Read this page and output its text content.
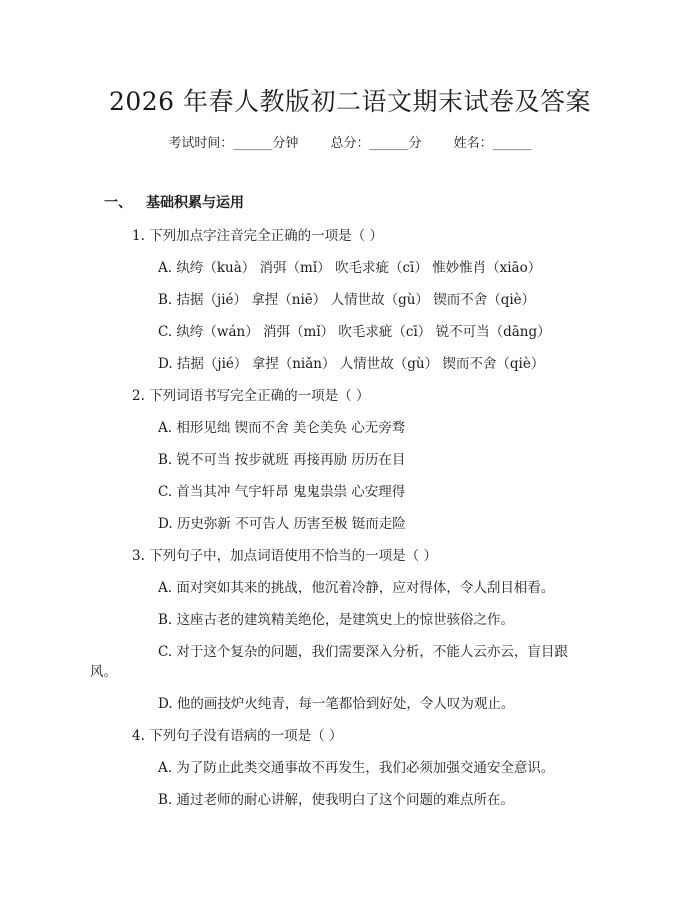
2026 年春人教版初二语文期末试卷及答案
考试时间：______分钟 总分：______分 姓名：______
一、 基础积累与运用
1. 下列加点字注音完全正确的一项是（ ）
A. 纨绔（kuà） 消弭（mǐ） 吹毛求疵（cī） 惟妙惟肖（xiāo）
B. 拮据（jié） 拿捏（niē） 人情世故（gù） 锲而不舍（qiè）
C. 纨绔（wán） 消弭（mǐ） 吹毛求疵（cī） 锐不可当（dāng）
D. 拮据（jié） 拿捏（niǎn） 人情世故（gù） 锲而不舍（qiè）
2. 下列词语书写完全正确的一项是（ ）
A. 相形见绌 锲而不舍 美仑美奂 心无旁骛
B. 锐不可当 按步就班 再接再励 历历在目
C. 首当其冲 气宇轩昂 鬼鬼祟祟 心安理得
D. 历史弥新 不可告人 历害至极 铤而走险
3. 下列句子中，加点词语使用不恰当的一项是（ ）
A. 面对突如其来的挑战，他沉着冷静，应对得体，令人刮目相看。
B. 这座古老的建筑精美绝伦，是建筑史上的惊世骇俗之作。
C. 对于这个复杂的问题，我们需要深入分析，不能人云亦云，盲目跟
风。
D. 他的画技炉火纯青，每一笔都恰到好处，令人叹为观止。
4. 下列句子没有语病的一项是（ ）
A. 为了防止此类交通事故不再发生，我们必须加强交通安全意识。
B. 通过老师的耐心讲解，使我明白了这个问题的难点所在。
